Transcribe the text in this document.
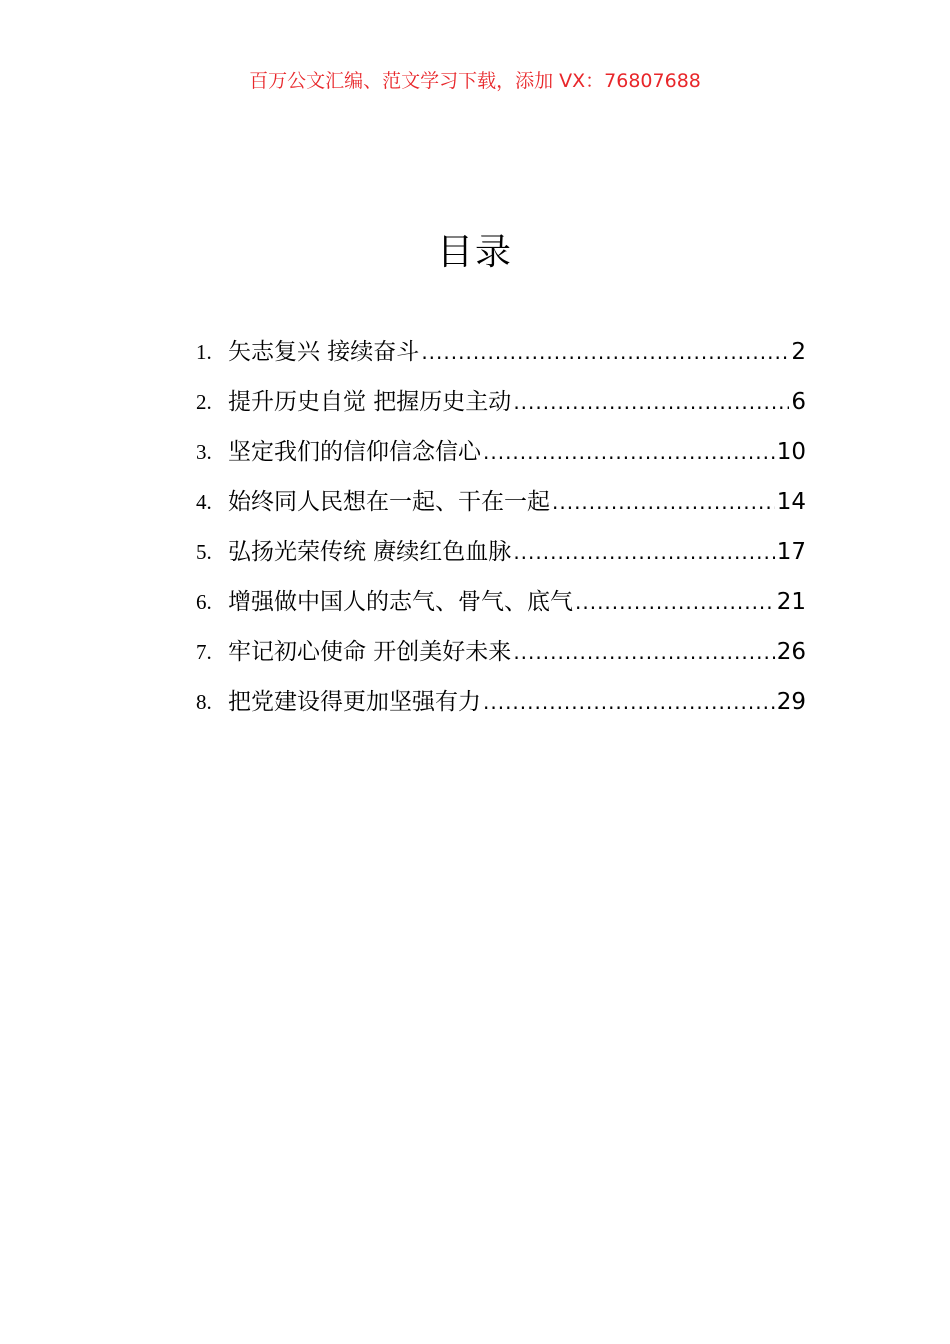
百万公文汇编、范文学习下载，添加 VX：76807688
目录
1. 矢志复兴 接续奋斗 .....	2
2. 提升历史自觉 把握历史主动 .....	6
3. 坚定我们的信仰信念信心 .....	10
4. 始终同人民想在一起、干在一起 .....	14
5. 弘扬光荣传统 赓续红色血脉 .....	17
6. 增强做中国人的志气、骨气、底气 .....	21
7. 牢记初心使命 开创美好未来 .....	26
8. 把党建设得更加坚强有力 .....	29
